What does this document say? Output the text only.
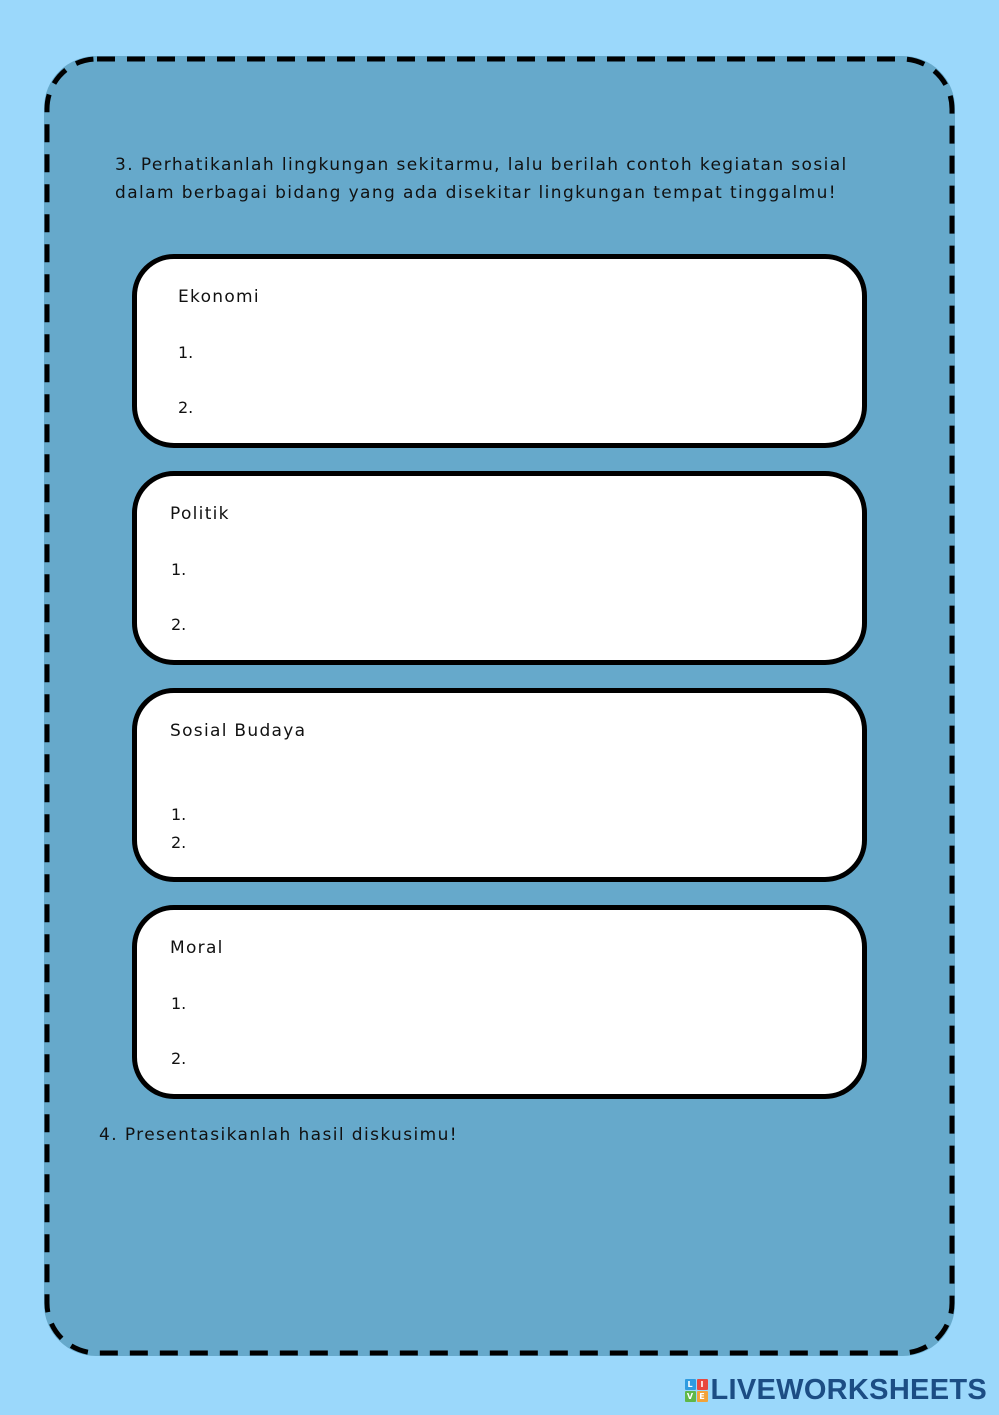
3. Perhatikanlah lingkungan sekitarmu, lalu berilah contoh kegiatan sosial dalam berbagai bidang yang ada disekitar lingkungan tempat tinggalmu!

Ekonomi
1.
2.
Politik
1.
2.
Sosial Budaya
1.
2.
Moral
1.
2.

4. Presentasikanlah hasil diskusimu!

L I
V E LIVEWORKSHEETS
